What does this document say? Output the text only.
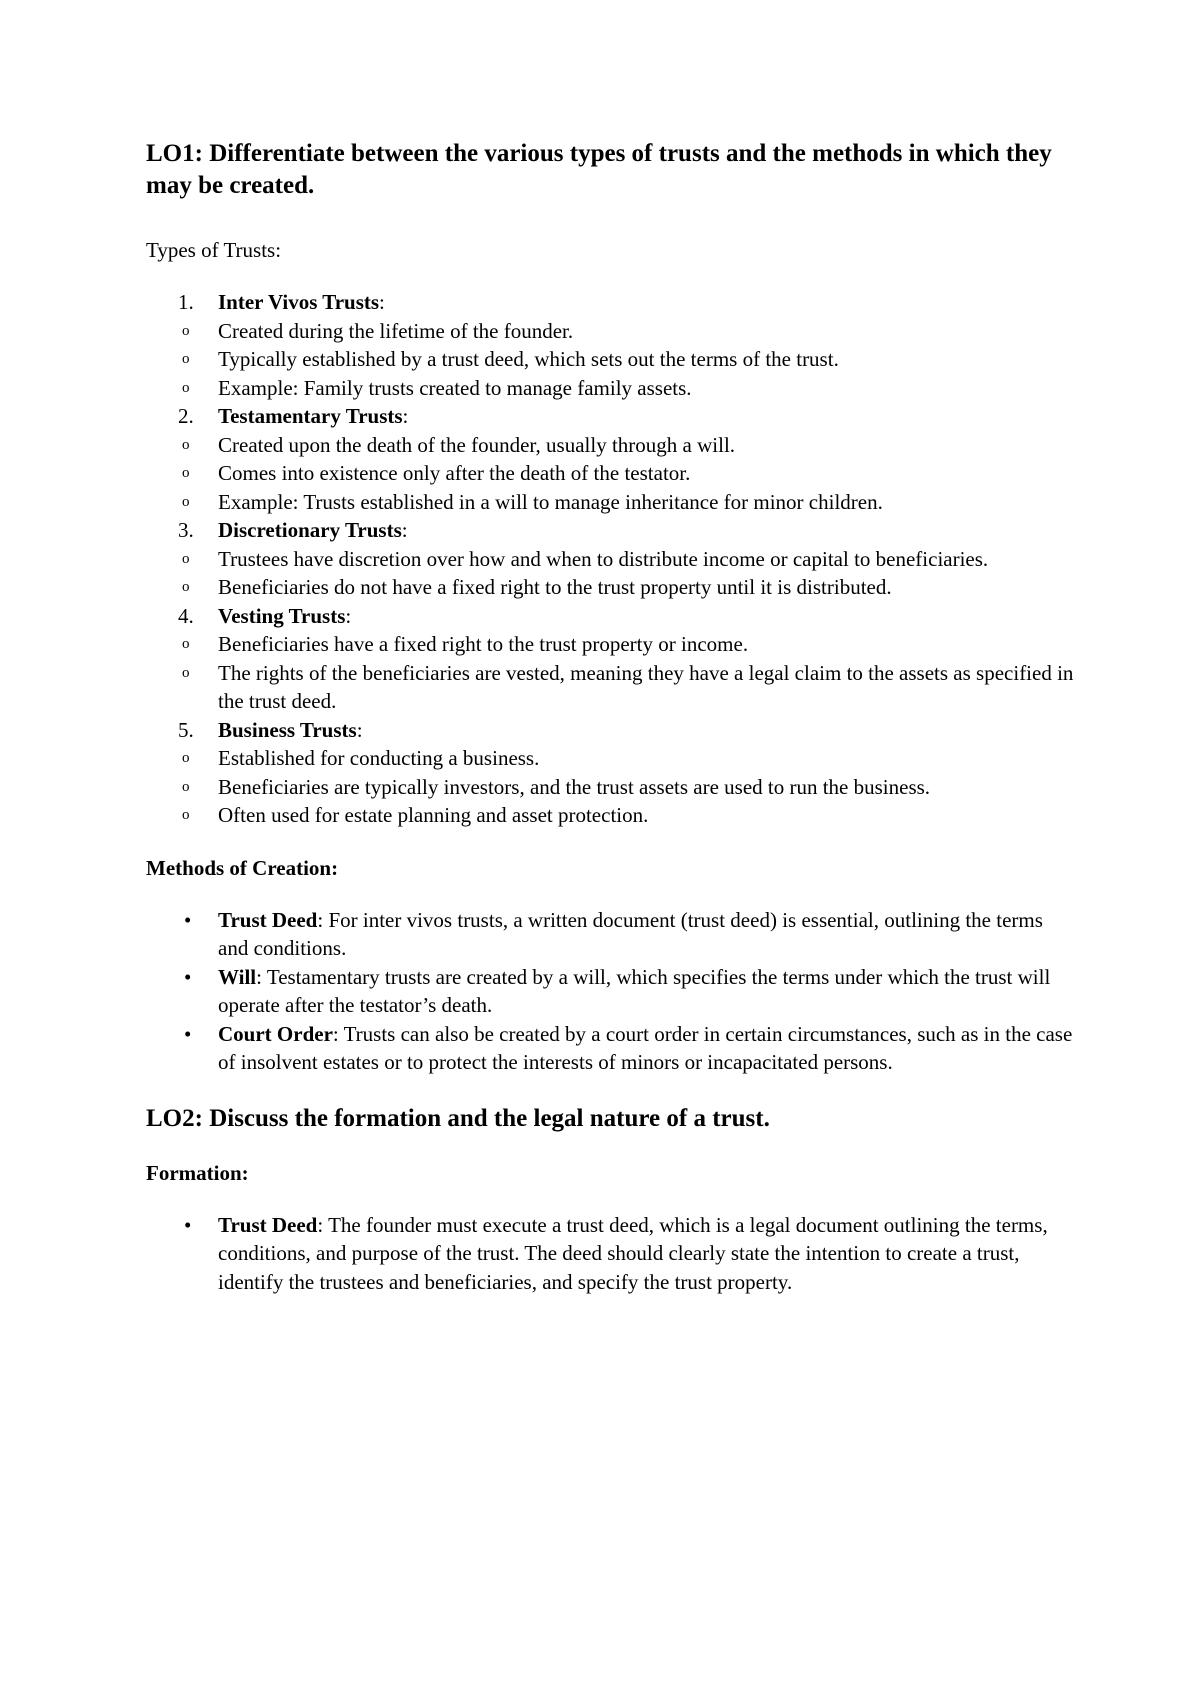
LO1: Differentiate between the various types of trusts and the methods in which they may be created.

Types of Trusts:

1. Inter Vivos Trusts:
o Created during the lifetime of the founder.
o Typically established by a trust deed, which sets out the terms of the trust.
o Example: Family trusts created to manage family assets.
2. Testamentary Trusts:
o Created upon the death of the founder, usually through a will.
o Comes into existence only after the death of the testator.
o Example: Trusts established in a will to manage inheritance for minor children.
3. Discretionary Trusts:
o Trustees have discretion over how and when to distribute income or capital to beneficiaries.
o Beneficiaries do not have a fixed right to the trust property until it is distributed.
4. Vesting Trusts:
o Beneficiaries have a fixed right to the trust property or income.
o The rights of the beneficiaries are vested, meaning they have a legal claim to the assets as specified in the trust deed.
5. Business Trusts:
o Established for conducting a business.
o Beneficiaries are typically investors, and the trust assets are used to run the business.
o Often used for estate planning and asset protection.

Methods of Creation:

• Trust Deed: For inter vivos trusts, a written document (trust deed) is essential, outlining the terms and conditions.
• Will: Testamentary trusts are created by a will, which specifies the terms under which the trust will operate after the testator’s death.
• Court Order: Trusts can also be created by a court order in certain circumstances, such as in the case of insolvent estates or to protect the interests of minors or incapacitated persons.
LO2: Discuss the formation and the legal nature of a trust.

Formation:

• Trust Deed: The founder must execute a trust deed, which is a legal document outlining the terms, conditions, and purpose of the trust. The deed should clearly state the intention to create a trust, identify the trustees and beneficiaries, and specify the trust property.
